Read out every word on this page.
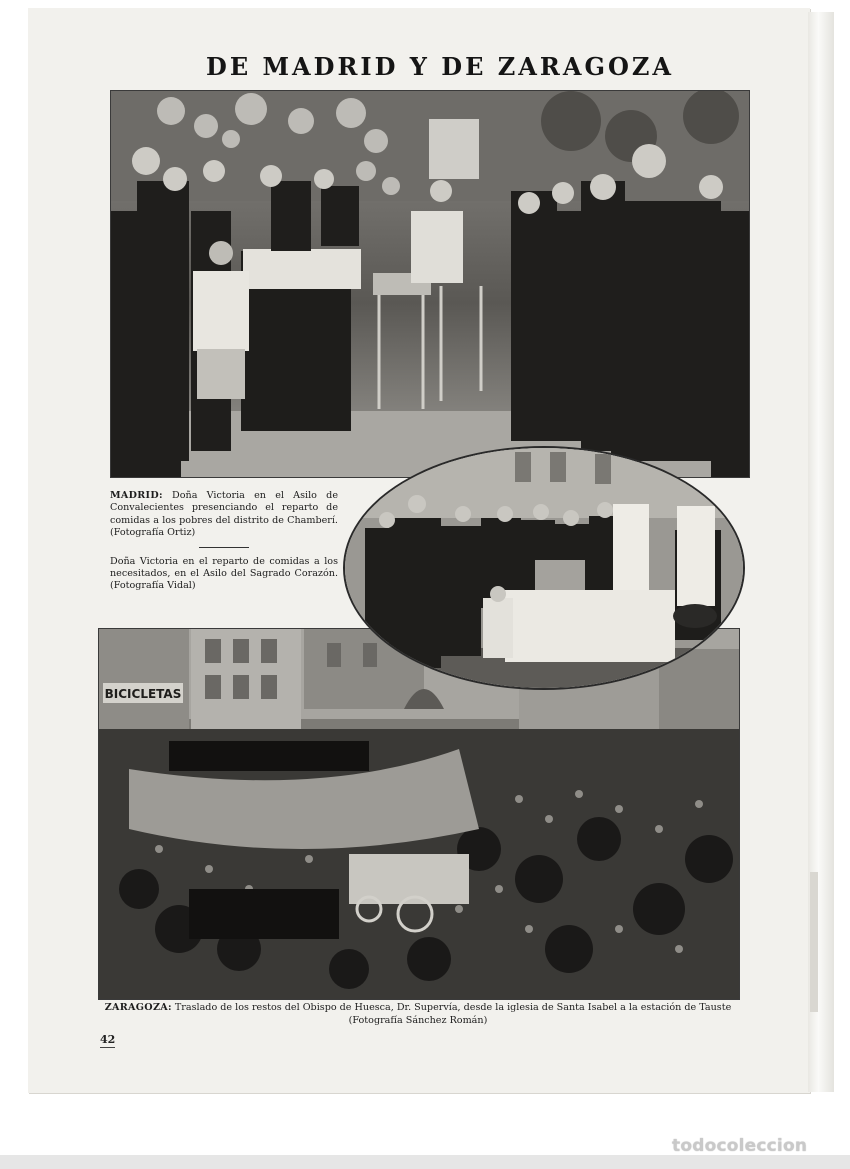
DE MADRID Y DE ZARAGOZA

MADRID: Doña Victoria en el Asilo de Convalecientes presenciando el reparto de comidas a los pobres del distrito de Chamberí. (Fotografía Ortiz)

Doña Victoria en el reparto de comidas a los necesitados, en el Asilo del Sagrado Corazón. (Fotografía Vidal)

BICICLETAS

ZARAGOZA: Traslado de los restos del Obispo de Huesca, Dr. Supervía, desde la iglesia de Santa Isabel a la estación de Tauste

(Fotografía Sánchez Román)

42
todocoleccion
